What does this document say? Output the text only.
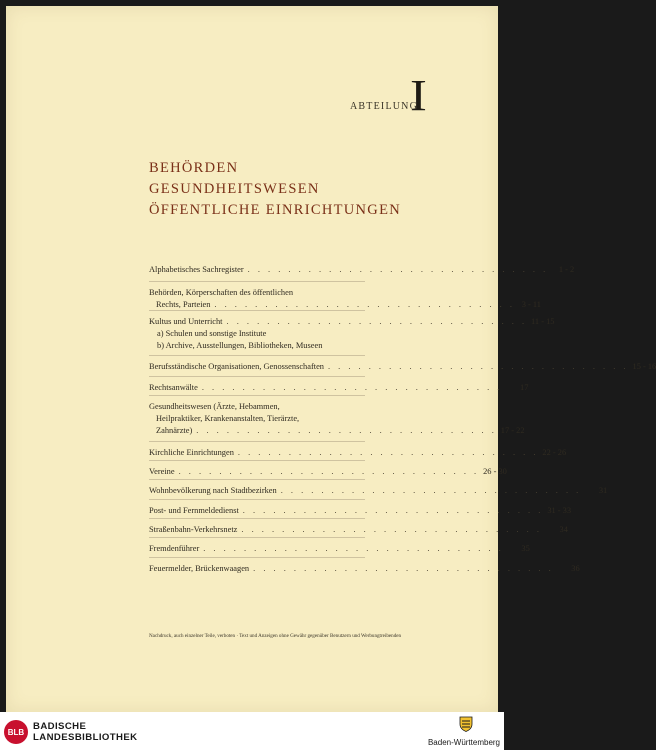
ABTEILUNG
I
BEHÖRDEN
GESUNDHEITSWESEN
ÖFFENTLICHE EINRICHTUNGEN
Alphabetisches Sachregister . . . . . . . . . . . . . . . . . . . . . . . . . . . . . .	1 - 2
Behörden, Körperschaften des öffentlichen
Rechts, Parteien . . . . . . . . . . . . . . . . . . . . . . . . . . . . . . 3 - 11
Kultus und Unterricht . . . . . . . . . . . . . . . . . . . . . . . . . . . . . . 11 - 15
a) Schulen und sonstige Institute
b) Archive, Ausstellungen, Bibliotheken, Museen
Berufsständische Organisationen, Genossenschaften . . . . . . . . . . . . . . . . . . . . . . . . . . . . . . 15 - 16
Rechtsanwälte . . . . . . . . . . . . . . . . . . . . . . . . . . . . . .	17
Gesundheitswesen (Ärzte, Hebammen,
Heilpraktiker, Krankenanstalten, Tierärzte,
Zahnärzte) . . . . . . . . . . . . . . . . . . . . . . . . . . . . . . 17 - 22
Kirchliche Einrichtungen . . . . . . . . . . . . . . . . . . . . . . . . . . . . . . 22 - 26
Vereine . . . . . . . . . . . . . . . . . . . . . . . . . . . . . . 26 - 30
Wohnbevölkerung nach Stadtbezirken . . . . . . . . . . . . . . . . . . . . . . . . . . . . . .	31
Post- und Fernmeldedienst . . . . . . . . . . . . . . . . . . . . . . . . . . . . . . 31 - 33
Straßenbahn-Verkehrsnetz . . . . . . . . . . . . . . . . . . . . . . . . . . . . . .	34
Fremdenführer . . . . . . . . . . . . . . . . . . . . . . . . . . . . . .	35
Feuermelder, Brückenwaagen . . . . . . . . . . . . . . . . . . . . . . . . . . . . . .	36
Nachdruck, auch einzelner Teile, verboten · Text und Anzeigen ohne Gewähr gegenüber Benutzern und Werbungtreibenden
BLB BADISCHE
LANDESBIBLIOTHEK	Baden-Württemberg
